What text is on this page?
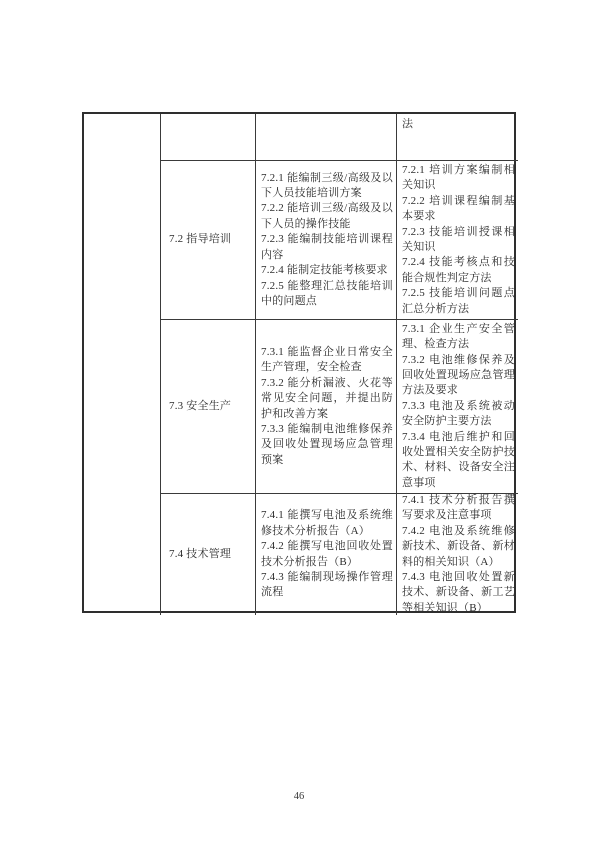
法

7.2 指导培训

7.2.1 能编制三级/高级及以下人员技能培训方案

7.2.2 能培训三级/高级及以下人员的操作技能

7.2.3 能编制技能培训课程内容

7.2.4 能制定技能考核要求

7.2.5 能整理汇总技能培训中的问题点

7.2.1 培训方案编制相关知识

7.2.2 培训课程编制基本要求

7.2.3 技能培训授课相关知识

7.2.4 技能考核点和技能合规性判定方法

7.2.5 技能培训问题点汇总分析方法

7.3 安全生产

7.3.1 能监督企业日常安全生产管理，安全检查

7.3.2 能分析漏液、火花等常见安全问题，并提出防护和改善方案

7.3.3 能编制电池维修保养及回收处置现场应急管理预案

7.3.1 企业生产安全管理、检查方法

7.3.2 电池维修保养及回收处置现场应急管理方法及要求

7.3.3 电池及系统被动安全防护主要方法

7.3.4 电池后维护和回收处置相关安全防护技术、材料、设备安全注意事项

7.4 技术管理

7.4.1 能撰写电池及系统维修技术分析报告（A）

7.4.2 能撰写电池回收处置技术分析报告（B）

7.4.3 能编制现场操作管理流程

7.4.1 技术分析报告撰写要求及注意事项

7.4.2 电池及系统维修新技术、新设备、新材料的相关知识（A）

7.4.3 电池回收处置新技术、新设备、新工艺等相关知识（B）

46
